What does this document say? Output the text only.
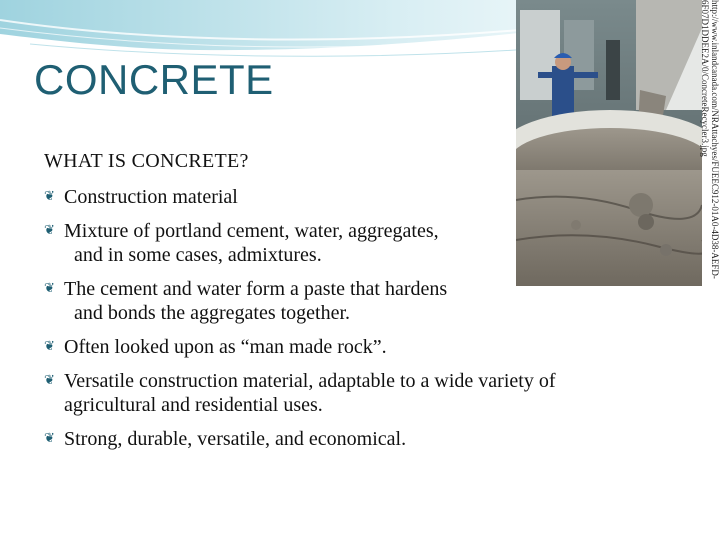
CONCRETE	http://www.inlandcanada.com/NRAttachyes/FUEEC912-01A0-4D38-AEFD-6F07D1DDEE2A/0/ConcreteRecycler3.jpg
WHAT IS CONCRETE?
❦ Construction material
❦ Mixture of portland cement, water, aggregates,
and in some cases, admixtures.
❦ The cement and water form a paste that hardens
and bonds the aggregates together.
❦ Often looked upon as “man made rock”.
❦ Versatile construction material, adaptable to a wide variety of
agricultural and residential uses.
❦ Strong, durable, versatile, and economical.
